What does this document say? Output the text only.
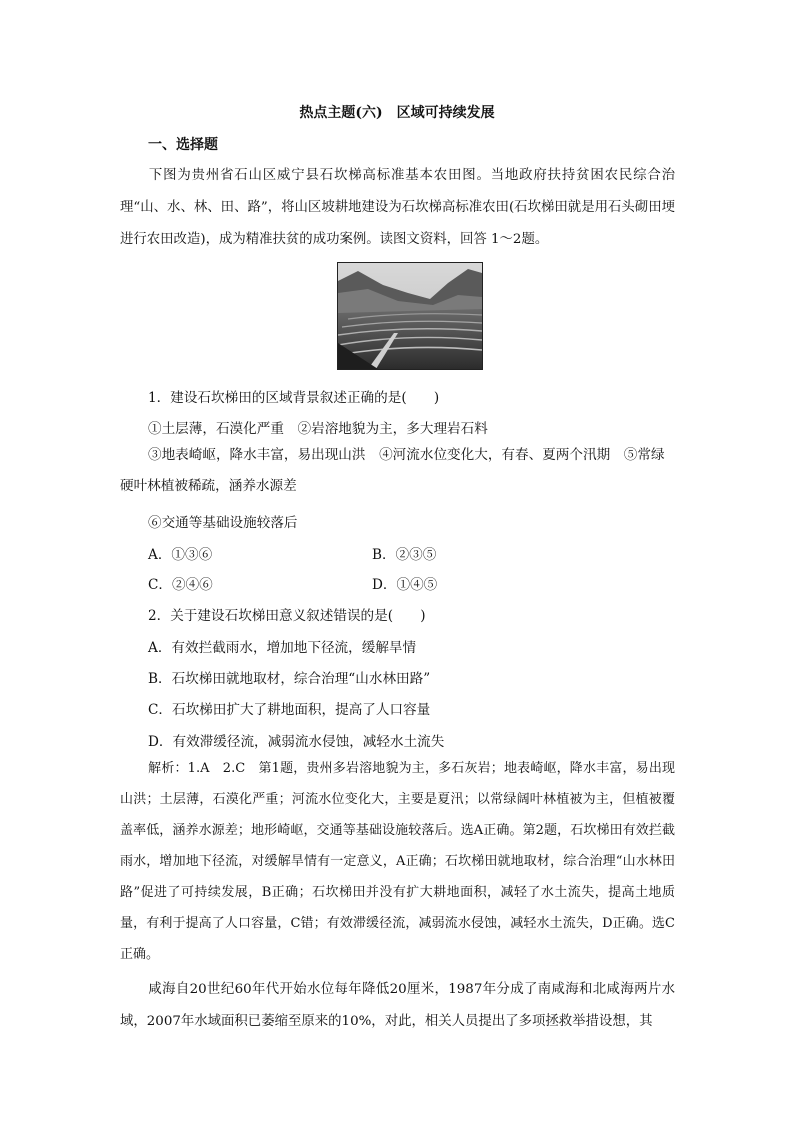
热点主题(六)　区域可持续发展
一、选择题
下图为贵州省石山区威宁县石坎梯高标准基本农田图。当地政府扶持贫困农民综合治理“山、水、林、田、路”，将山区坡耕地建设为石坎梯高标准农田(石坎梯田就是用石头砌田埂进行农田改造)，成为精准扶贫的成功案例。读图文资料，回答 1～2题。
1．建设石坎梯田的区域背景叙述正确的是(　　)
①土层薄，石漠化严重　②岩溶地貌为主，多大理岩石料
③地表崎岖，降水丰富，易出现山洪　④河流水位变化大，有春、夏两个汛期　⑤常绿硬叶林植被稀疏，涵养水源差
⑥交通等基础设施较落后
A．①③⑥	B．②③⑤
C．②④⑥	D．①④⑤
2．关于建设石坎梯田意义叙述错误的是(　　)
A．有效拦截雨水，增加地下径流，缓解旱情
B．石坎梯田就地取材，综合治理“山水林田路”
C．石坎梯田扩大了耕地面积，提高了人口容量
D．有效滞缓径流，减弱流水侵蚀，减轻水土流失
解析：1.A　2.C　第1题，贵州多岩溶地貌为主，多石灰岩；地表崎岖，降水丰富，易出现山洪；土层薄，石漠化严重；河流水位变化大，主要是夏汛；以常绿阔叶林植被为主，但植被覆盖率低，涵养水源差；地形崎岖，交通等基础设施较落后。选A正确。第2题，石坎梯田有效拦截雨水，增加地下径流，对缓解旱情有一定意义，A正确；石坎梯田就地取材，综合治理“山水林田路”促进了可持续发展，B正确；石坎梯田并没有扩大耕地面积，减轻了水土流失，提高土地质量，有利于提高了人口容量，C错；有效滞缓径流，减弱流水侵蚀，减轻水土流失，D正确。选C正确。
咸海自20世纪60年代开始水位每年降低20厘米，1987年分成了南咸海和北咸海两片水域，2007年水域面积已萎缩至原来的10%，对此，相关人员提出了多项拯救举措设想，其
